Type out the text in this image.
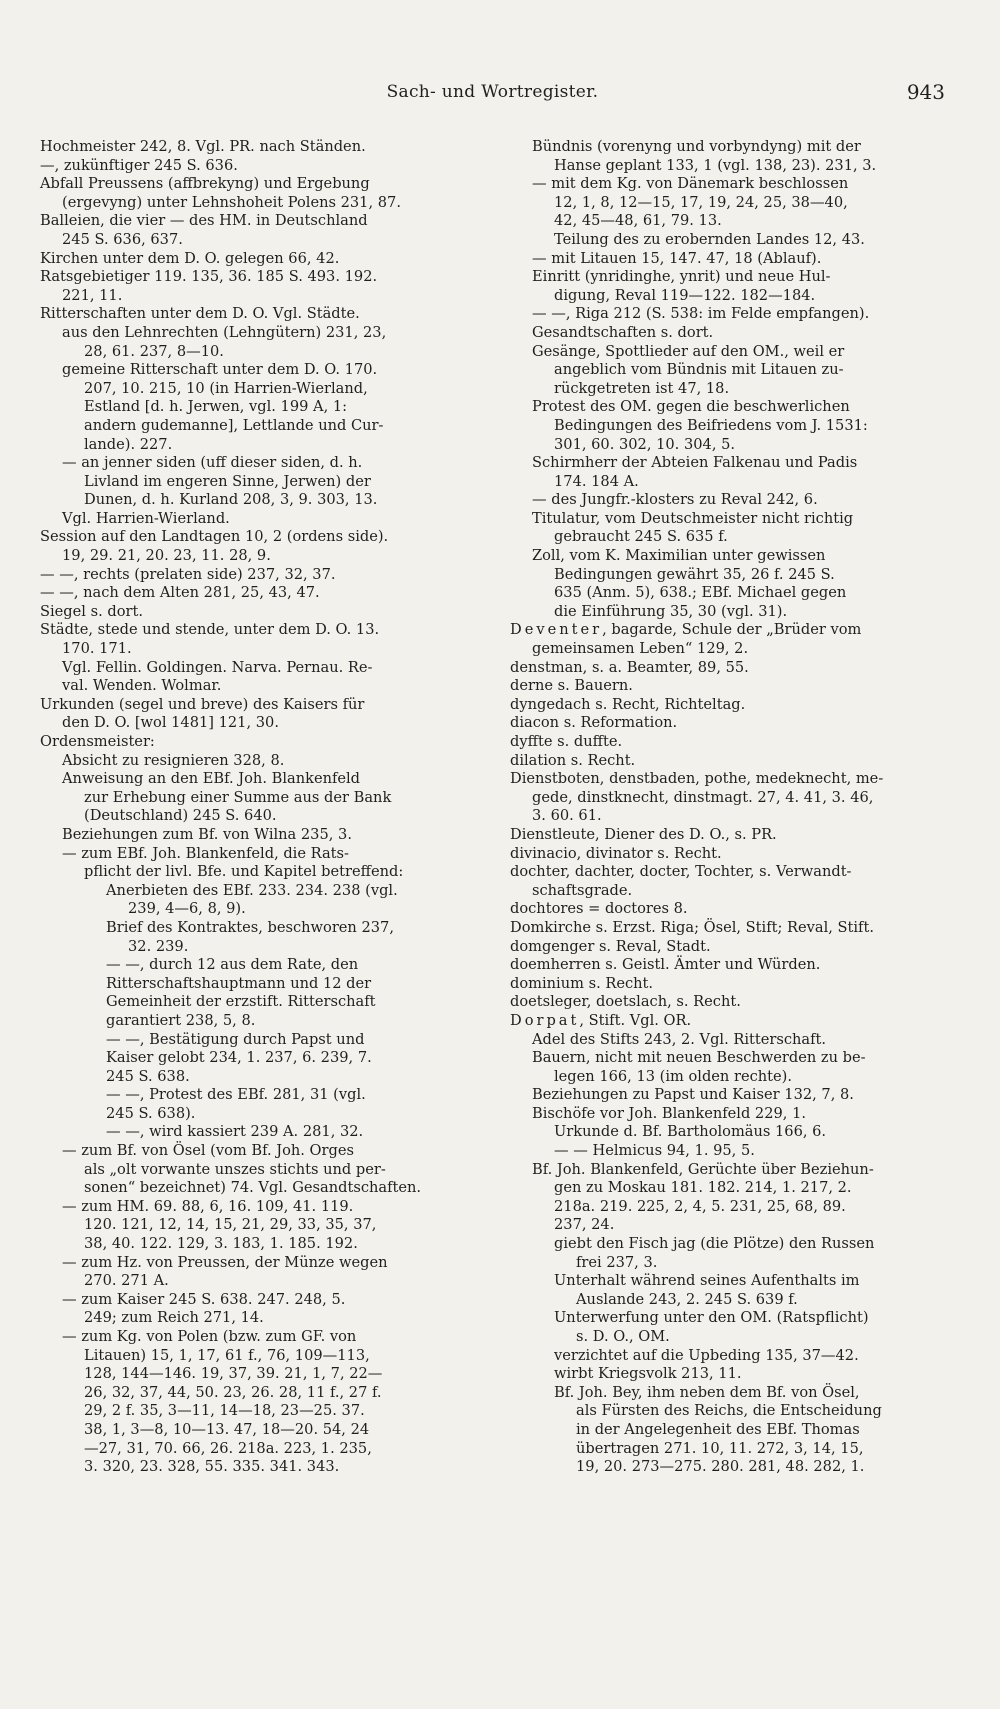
Sach- und Wortregister.	943
Hochmeister 242, 8. Vgl. PR. nach Ständen.
—, zukünftiger 245 S. 636.
Abfall Preussens (affbrekyng) und Ergebung
(ergevyng) unter Lehnshoheit Polens 231, 87.
Balleien, die vier — des HM. in Deutschland
245 S. 636, 637.
Kirchen unter dem D. O. gelegen 66, 42.
Ratsgebietiger 119. 135, 36. 185 S. 493. 192.
221, 11.
Ritterschaften unter dem D. O. Vgl. Städte.
aus den Lehnrechten (Lehngütern) 231, 23,
28, 61. 237, 8—10.
gemeine Ritterschaft unter dem D. O. 170.
207, 10. 215, 10 (in Harrien-Wierland,
Estland [d. h. Jerwen, vgl. 199 A, 1:
andern gudemanne], Lettlande und Cur-
lande). 227.
— an jenner siden (uff dieser siden, d. h.
Livland im engeren Sinne, Jerwen) der
Dunen, d. h. Kurland 208, 3, 9. 303, 13.
Vgl. Harrien-Wierland.
Session auf den Landtagen 10, 2 (ordens side).
19, 29. 21, 20. 23, 11. 28, 9.
— —, rechts (prelaten side) 237, 32, 37.
— —, nach dem Alten 281, 25, 43, 47.
Siegel s. dort.
Städte, stede und stende, unter dem D. O. 13.
170. 171.
Vgl. Fellin. Goldingen. Narva. Pernau. Re-
val. Wenden. Wolmar.
Urkunden (segel und breve) des Kaisers für
den D. O. [wol 1481] 121, 30.
Ordensmeister:
Absicht zu resignieren 328, 8.
Anweisung an den EBf. Joh. Blankenfeld
zur Erhebung einer Summe aus der Bank
(Deutschland) 245 S. 640.
Beziehungen zum Bf. von Wilna 235, 3.
— zum EBf. Joh. Blankenfeld, die Rats-
pflicht der livl. Bfe. und Kapitel betreffend:
Anerbieten des EBf. 233. 234. 238 (vgl.
239, 4—6, 8, 9).
Brief des Kontraktes, beschworen 237,
32. 239.
— —, durch 12 aus dem Rate, den
Ritterschaftshauptmann und 12 der
Gemeinheit der erzstift. Ritterschaft
garantiert 238, 5, 8.
— —, Bestätigung durch Papst und
Kaiser gelobt 234, 1. 237, 6. 239, 7.
245 S. 638.
— —, Protest des EBf. 281, 31 (vgl.
245 S. 638).
— —, wird kassiert 239 A. 281, 32.
— zum Bf. von Ösel (vom Bf. Joh. Orges
als „olt vorwante unszes stichts und per-
sonen“ bezeichnet) 74. Vgl. Gesandtschaften.
— zum HM. 69. 88, 6, 16. 109, 41. 119.
120. 121, 12, 14, 15, 21, 29, 33, 35, 37,
38, 40. 122. 129, 3. 183, 1. 185. 192.
— zum Hz. von Preussen, der Münze wegen
270. 271 A.
— zum Kaiser 245 S. 638. 247. 248, 5.
249; zum Reich 271, 14.
— zum Kg. von Polen (bzw. zum GF. von
Litauen) 15, 1, 17, 61 f., 76, 109—113,
128, 144—146. 19, 37, 39. 21, 1, 7, 22—
26, 32, 37, 44, 50. 23, 26. 28, 11 f., 27 f.
29, 2 f. 35, 3—11, 14—18, 23—25. 37.
38, 1, 3—8, 10—13. 47, 18—20. 54, 24
—27, 31, 70. 66, 26. 218a. 223, 1. 235,
3. 320, 23. 328, 55. 335. 341. 343.
Bündnis (vorenyng und vorbyndyng) mit der
Hanse geplant 133, 1 (vgl. 138, 23). 231, 3.
— mit dem Kg. von Dänemark beschlossen
12, 1, 8, 12—15, 17, 19, 24, 25, 38—40,
42, 45—48, 61, 79. 13.
Teilung des zu erobernden Landes 12, 43.
— mit Litauen 15, 147. 47, 18 (Ablauf).
Einritt (ynridinghe, ynrit) und neue Hul-
digung, Reval 119—122. 182—184.
— —, Riga 212 (S. 538: im Felde empfangen).
Gesandtschaften s. dort.
Gesänge, Spottlieder auf den OM., weil er
angeblich vom Bündnis mit Litauen zu-
rückgetreten ist 47, 18.
Protest des OM. gegen die beschwerlichen
Bedingungen des Beifriedens vom J. 1531:
301, 60. 302, 10. 304, 5.
Schirmherr der Abteien Falkenau und Padis
174. 184 A.
— des Jungfr.-klosters zu Reval 242, 6.
Titulatur, vom Deutschmeister nicht richtig
gebraucht 245 S. 635 f.
Zoll, vom K. Maximilian unter gewissen
Bedingungen gewährt 35, 26 f. 245 S.
635 (Anm. 5), 638.; EBf. Michael gegen
die Einführung 35, 30 (vgl. 31).
Deventer, bagarde, Schule der „Brüder vom
gemeinsamen Leben“ 129, 2.
denstman, s. a. Beamter, 89, 55.
derne s. Bauern.
dyngedach s. Recht, Richteltag.
diacon s. Reformation.
dyffte s. duffte.
dilation s. Recht.
Dienstboten, denstbaden, pothe, medeknecht, me-
gede, dinstknecht, dinstmagt. 27, 4. 41, 3. 46,
3. 60. 61.
Dienstleute, Diener des D. O., s. PR.
divinacio, divinator s. Recht.
dochter, dachter, docter, Tochter, s. Verwandt-
schaftsgrade.
dochtores = doctores 8.
Domkirche s. Erzst. Riga; Ösel, Stift; Reval, Stift.
domgenger s. Reval, Stadt.
doemherren s. Geistl. Ämter und Würden.
dominium s. Recht.
doetsleger, doetslach, s. Recht.
Dorpat, Stift. Vgl. OR.
Adel des Stifts 243, 2. Vgl. Ritterschaft.
Bauern, nicht mit neuen Beschwerden zu be-
legen 166, 13 (im olden rechte).
Beziehungen zu Papst und Kaiser 132, 7, 8.
Bischöfe vor Joh. Blankenfeld 229, 1.
Urkunde d. Bf. Bartholomäus 166, 6.
— — Helmicus 94, 1. 95, 5.
Bf. Joh. Blankenfeld, Gerüchte über Beziehun-
gen zu Moskau 181. 182. 214, 1. 217, 2.
218a. 219. 225, 2, 4, 5. 231, 25, 68, 89.
237, 24.
giebt den Fisch jag (die Plötze) den Russen
frei 237, 3.
Unterhalt während seines Aufenthalts im
Auslande 243, 2. 245 S. 639 f.
Unterwerfung unter den OM. (Ratspflicht)
s. D. O., OM.
verzichtet auf die Upbeding 135, 37—42.
wirbt Kriegsvolk 213, 11.
Bf. Joh. Bey, ihm neben dem Bf. von Ösel,
als Fürsten des Reichs, die Entscheidung
in der Angelegenheit des EBf. Thomas
übertragen 271. 10, 11. 272, 3, 14, 15,
19, 20. 273—275. 280. 281, 48. 282, 1.
